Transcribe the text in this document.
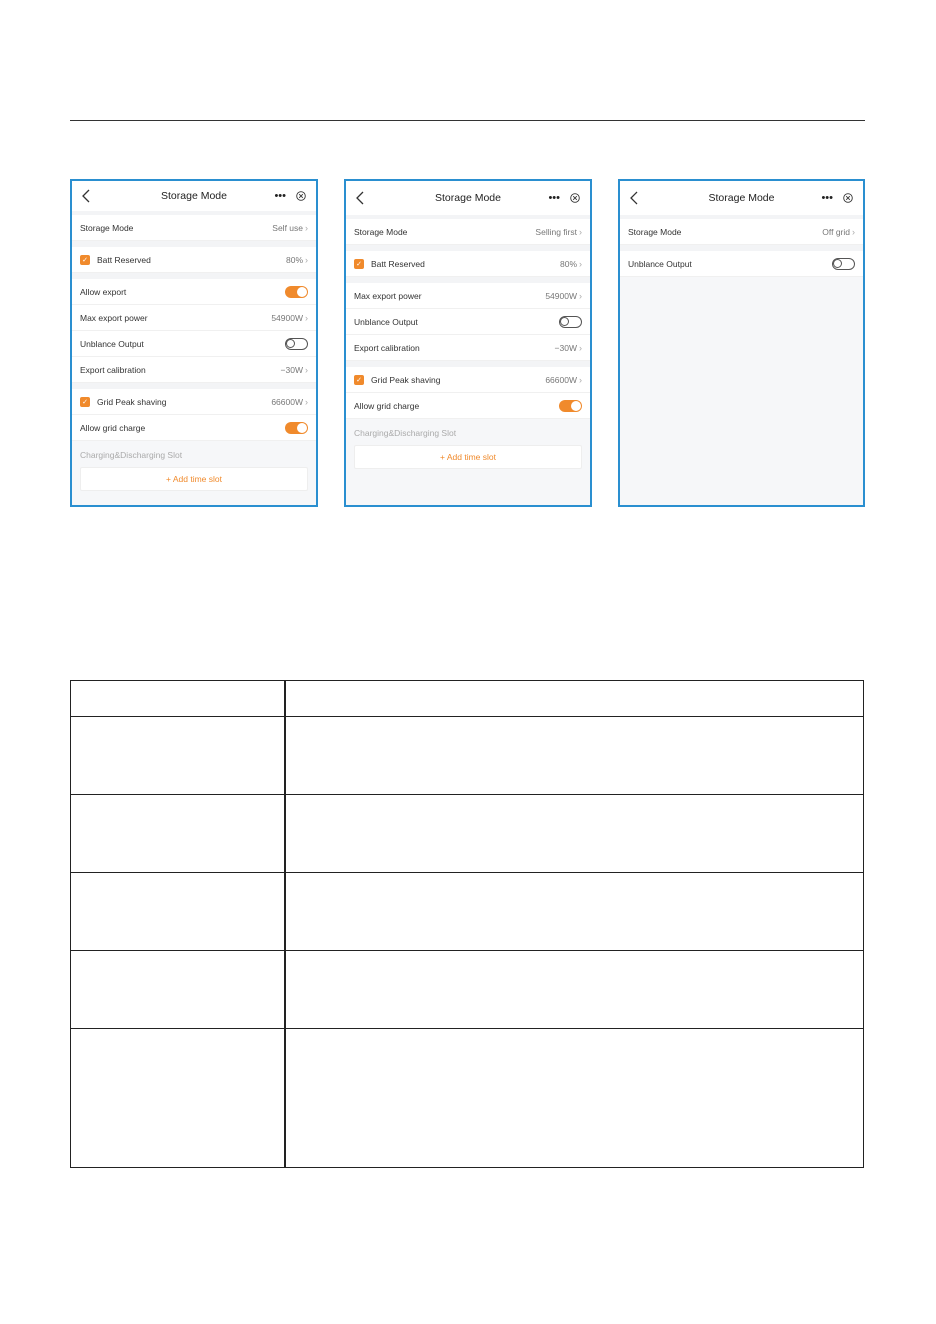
Storage Mode	•••
Storage Mode	Self use ›
✓ Batt Reserved	80% ›
Allow export
Max export power	54900W ›
Unblance Output
Export calibration	−30W ›
✓ Grid Peak shaving	66600W ›
Allow grid charge
Charging&Discharging Slot
+ Add time slot
Storage Mode	•••
Storage Mode	Selling first ›
✓ Batt Reserved	80% ›
Max export power	54900W ›
Unblance Output
Export calibration	−30W ›
✓ Grid Peak shaving	66600W ›
Allow grid charge
Charging&Discharging Slot
+ Add time slot
Storage Mode	•••
Storage Mode	Off grid ›
Unblance Output
